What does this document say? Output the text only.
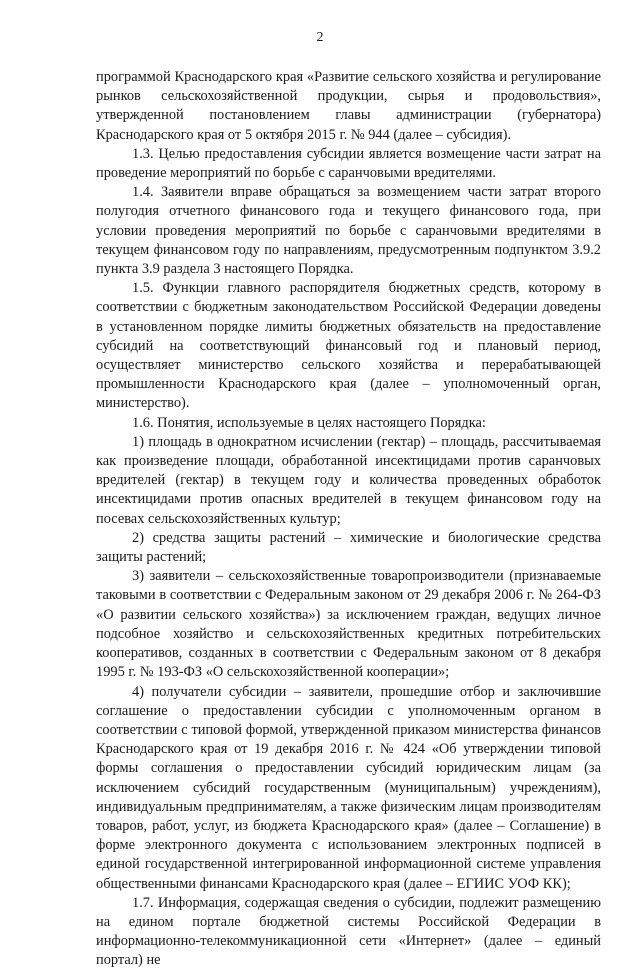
2

программой Краснодарского края «Развитие сельского хозяйства и регулирование рынков сельскохозяйственной продукции, сырья и продовольствия», утвержденной постановлением главы администрации (губернатора) Краснодарского края от 5 октября 2015 г. № 944 (далее – субсидия).

1.3. Целью предоставления субсидии является возмещение части затрат на проведение мероприятий по борьбе с саранчовыми вредителями.

1.4. Заявители вправе обращаться за возмещением части затрат второго полугодия отчетного финансового года и текущего финансового года, при условии проведения мероприятий по борьбе с саранчовыми вредителями в текущем финансовом году по направлениям, предусмотренным подпунктом 3.9.2 пункта 3.9 раздела 3 настоящего Порядка.

1.5. Функции главного распорядителя бюджетных средств, которому в соответствии с бюджетным законодательством Российской Федерации доведены в установленном порядке лимиты бюджетных обязательств на предоставление субсидий на соответствующий финансовый год и плановый период, осуществляет министерство сельского хозяйства и перерабатывающей промышленности Краснодарского края (далее – уполномоченный орган, министерство).

1.6. Понятия, используемые в целях настоящего Порядка:

1) площадь в однократном исчислении (гектар) – площадь, рассчитываемая как произведение площади, обработанной инсектицидами против саранчовых вредителей (гектар) в текущем году и количества проведенных обработок инсектицидами против опасных вредителей в текущем финансовом году на посевах сельскохозяйственных культур;

2) средства защиты растений – химические и биологические средства защиты растений;

3) заявители – сельскохозяйственные товаропроизводители (признаваемые таковыми в соответствии с Федеральным законом от 29 декабря 2006 г. № 264-ФЗ «О развитии сельского хозяйства») за исключением граждан, ведущих личное подсобное хозяйство и сельскохозяйственных кредитных потребительских кооперативов, созданных в соответствии с Федеральным законом от 8 декабря 1995 г. № 193-ФЗ «О сельскохозяйственной кооперации»;

4) получатели субсидии – заявители, прошедшие отбор и заключившие соглашение о предоставлении субсидии с уполномоченным органом в соответствии с типовой формой, утвержденной приказом министерства финансов Краснодарского края от 19 декабря 2016 г. № 424 «Об утверждении типовой формы соглашения о предоставлении субсидий юридическим лицам (за исключением субсидий государственным (муниципальным) учреждениям), индивидуальным предпринимателям, а также физическим лицам производителям товаров, работ, услуг, из бюджета Краснодарского края» (далее – Соглашение) в форме электронного документа с использованием электронных подписей в единой государственной интегрированной информационной системе управления общественными финансами Краснодарского края (далее – ЕГИИС УОФ КК);

1.7. Информация, содержащая сведения о субсидии, подлежит размещению на едином портале бюджетной системы Российской Федерации в информационно-телекоммуникационной сети «Интернет» (далее – единый портал) не
